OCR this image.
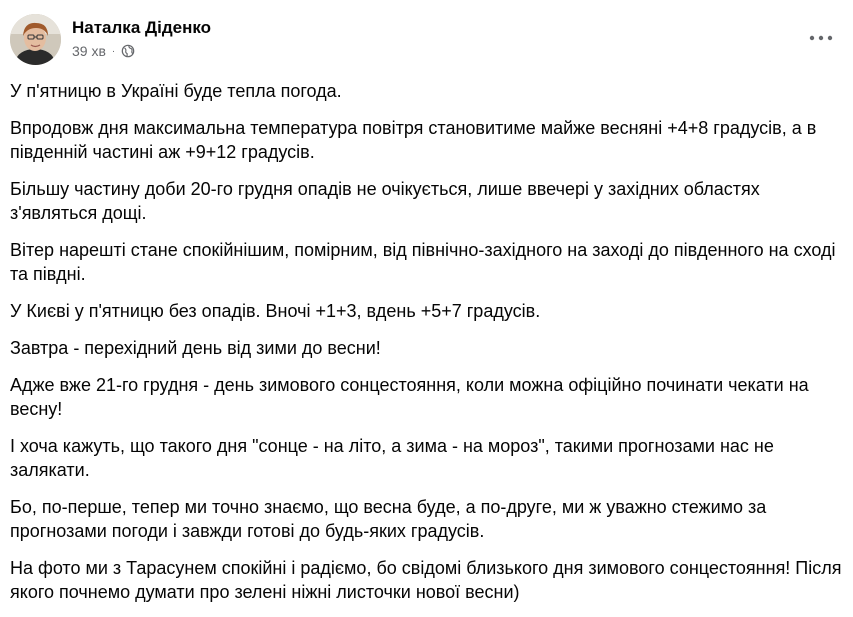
Наталка Діденко
39 хв ·

У п'ятницю в Україні буде тепла погода.

Впродовж дня максимальна температура повітря становитиме майже весняні +4+8 градусів, а в південній частині аж +9+12 градусів.

Більшу частину доби 20-го грудня опадів не очікується, лише ввечері у західних областях з'являться дощі.

Вітер нарешті стане спокійнішим, помірним, від північно-західного на заході до південного на сході та півдні.

У Києві у п'ятницю без опадів. Вночі +1+3, вдень +5+7 градусів.

Завтра - перехідний день від зими до весни!

Адже вже 21-го грудня - день зимового сонцестояння, коли можна офіційно починати чекати на весну!

І хоча кажуть, що такого дня "сонце - на літо, а зима - на мороз", такими прогнозами нас не залякати.

Бо, по-перше, тепер ми точно знаємо, що весна буде, а по-друге, ми ж уважно стежимо за прогнозами погоди і завжди готові до будь-яких градусів.

На фото ми з Тарасунем спокійні і радіємо, бо свідомі близького дня зимового сонцестояння! Після якого почнемо думати про зелені ніжні листочки нової весни)
